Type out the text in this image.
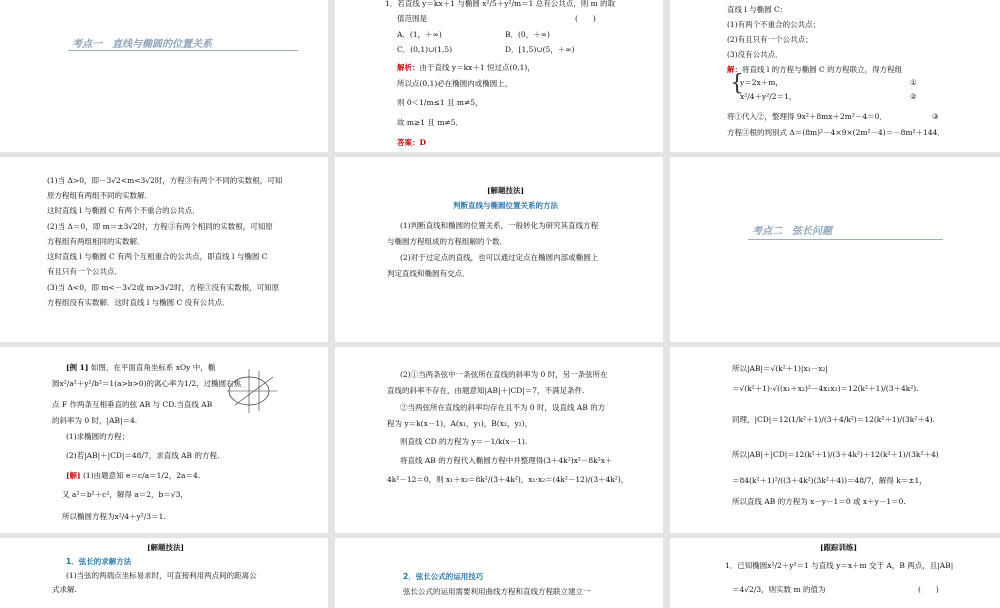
考点一　直线与椭圆的位置关系
1．若直线 y＝kx＋1 与椭圆 x²/5＋y²/m＝1 总有公共点，则 m 的取
值范围是	(　　)
A．(1，＋∞)	B．(0，＋∞)
C．(0,1)∪(1,5)	D．[1,5)∪(5，＋∞)
解析：由于直线 y＝kx＋1 恒过点(0,1)，
所以点(0,1)必在椭圆内或椭圆上，
则 0＜1/m≤1 且 m≠5，
故 m≥1 且 m≠5．
答案：D
直线 l 与椭圆 C：
(1)有两个不重合的公共点；
(2)有且只有一个公共点；
(3)没有公共点．
解：将直线 l 的方程与椭圆 C 的方程联立，得方程组
{
y＝2x＋m，	①
x²/4＋y²/2＝1，	②
将①代入②，整理得 9x²＋8mx＋2m²－4＝0．	③
方程③根的判别式 Δ＝(8m)²－4×9×(2m²－4)＝－8m²＋144．
(1)当 Δ>0，即－3√2<m<3√2时，方程③有两个不同的实数根，可知
原方程组有两组不同的实数解．
这时直线 l 与椭圆 C 有两个不重合的公共点．
(2)当 Δ＝0，即 m＝±3√2时，方程③有两个相同的实数根，可知原
方程组有两组相同的实数解．
这时直线 l 与椭圆 C 有两个互相重合的公共点，即直线 l 与椭圆 C
有且只有一个公共点．
(3)当 Δ<0，即 m<－3√2或 m>3√2时，方程③没有实数根，可知原
方程组没有实数解．这时直线 l 与椭圆 C 没有公共点．
[解题技法]
判断直线与椭圆位置关系的方法
(1)判断直线和椭圆的位置关系，一般转化为研究其直线方程
与椭圆方程组成的方程组解的个数．
(2)对于过定点的直线，也可以通过定点在椭圆内部或椭圆上
判定直线和椭圆有交点．
考点二　弦长问题
[例 1] 如图，在平面直角坐标系 xOy 中，椭
圆x²/a²＋y²/b²＝1(a>b>0)的离心率为1/2，过椭圆右焦
点 F 作两条互相垂直的弦 AB 与 CD.当直线 AB
的斜率为 0 时，|AB|＝4.
(1)求椭圆的方程；
(2)若|AB|＋|CD|＝48/7，求直线 AB 的方程.
[解] (1)由题意知 e＝c/a＝1/2，2a＝4.
又 a²＝b²＋c²，解得 a＝2，b＝√3，
所以椭圆方程为x²/4＋y²/3＝1.
(2)①当两条弦中一条弦所在直线的斜率为 0 时，另一条弦所在
直线的斜率不存在，由题意知|AB|＋|CD|＝7，不满足条件.
②当两弦所在直线的斜率均存在且不为 0 时，设直线 AB 的方
程为 y＝k(x－1)，A(x₁，y₁)，B(x₂，y₂)，
则直线 CD 的方程为 y＝－1/k(x－1).
将直线 AB 的方程代入椭圆方程中并整理得(3＋4k²)x²－8k²x＋
4k²－12＝0，则 x₁＋x₂＝8k²/(3＋4k²)，x₁·x₂＝(4k²－12)/(3＋4k²)，
所以|AB|＝√(k²＋1)|x₁－x₂|
＝√(k²＋1)·√((x₁＋x₂)²－4x₁x₂)＝12(k²＋1)/(3＋4k²).
同理，|CD|＝12(1/k²＋1)/(3＋4/k²)＝12(k²＋1)/(3k²＋4).
所以|AB|＋|CD|＝12(k²＋1)/(3＋4k²)＋12(k²＋1)/(3k²＋4)
＝84(k²＋1)²/((3＋4k²)(3k²＋4))＝48/7，解得 k＝±1，
所以直线 AB 的方程为 x－y－1＝0 或 x＋y－1＝0.
[解题技法]
1．弦长的求解方法
(1)当弦的两端点坐标易求时，可直接利用两点间的距离公
式求解.
2．弦长公式的运用技巧
弦长公式的运用需要利用曲线方程和直线方程联立建立一
[跟踪训练]
1．已知椭圆x²/2＋y²＝1 与直线 y＝x＋m 交于 A，B 两点，且|AB|
＝4√2/3，则实数 m 的值为	(　　)
